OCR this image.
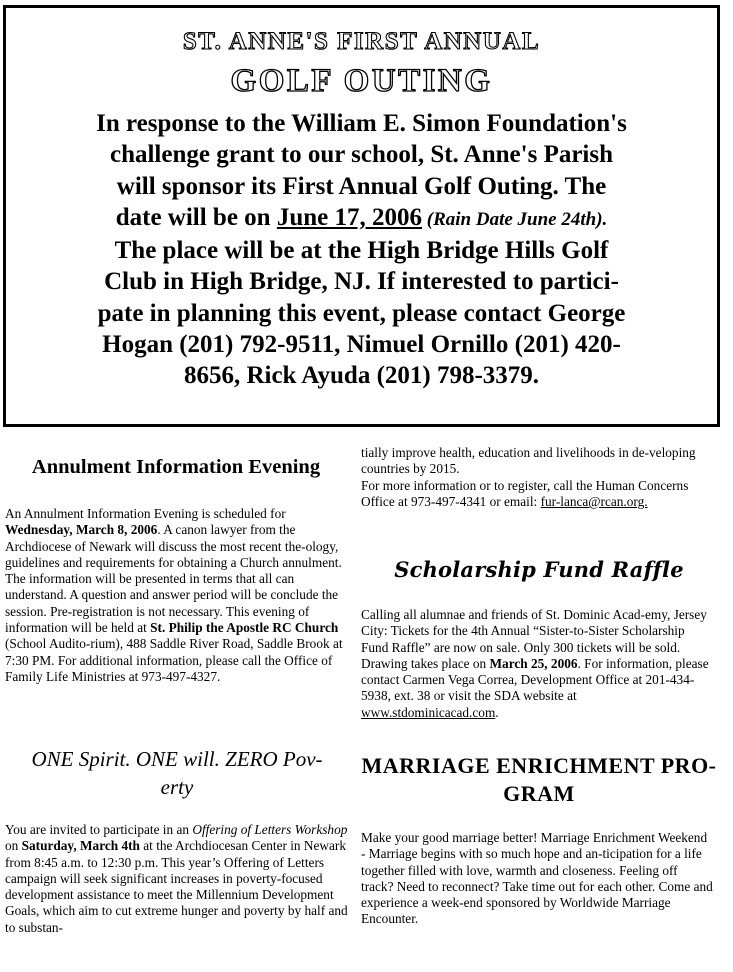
ST. ANNE'S FIRST ANNUAL
GOLF OUTING
In response to the William E. Simon Foundation's
challenge grant to our school, St. Anne's Parish
will sponsor its First Annual Golf Outing. The
date will be on June 17, 2006 (Rain Date June 24th).
The place will be at the High Bridge Hills Golf
Club in High Bridge, NJ. If interested to partici-
pate in planning this event, please contact George
Hogan (201) 792-9511, Nimuel Ornillo (201) 420-
8656, Rick Ayuda (201) 798-3379.
Annulment Information Evening

An Annulment Information Evening is scheduled for Wednesday, March 8, 2006. A canon lawyer from the Archdiocese of Newark will discuss the most recent the-ology, guidelines and requirements for obtaining a Church annulment. The information will be presented in terms that all can understand. A question and answer period will be conclude the session. Pre-registration is not necessary. This evening of information will be held at St. Philip the Apostle RC Church (School Audito-rium), 488 Saddle River Road, Saddle Brook at 7:30 PM. For additional information, please call the Office of Family Life Ministries at 973-497-4327.

ONE Spirit. ONE will. ZERO Pov-
erty

You are invited to participate in an Offering of Letters Workshop on Saturday, March 4th at the Archdiocesan Center in Newark from 8:45 a.m. to 12:30 p.m. This year’s Offering of Letters campaign will seek significant increases in poverty-focused development assistance to meet the Millennium Development Goals, which aim to cut extreme hunger and poverty by half and to substan-

tially improve health, education and livelihoods in de-veloping countries by 2015.

For more information or to register, call the Human Concerns Office at 973-497-4341 or email: fur-lanca@rcan.org.

Scholarship Fund Raffle

Calling all alumnae and friends of St. Dominic Acad-emy, Jersey City: Tickets for the 4th Annual “Sister-to-Sister Scholarship Fund Raffle” are now on sale. Only 300 tickets will be sold. Drawing takes place on March 25, 2006. For information, please contact Carmen Vega Correa, Development Office at 201-434-5938, ext. 38 or visit the SDA website at www.stdominicacad.com.

MARRIAGE ENRICHMENT PRO-
GRAM

Make your good marriage better! Marriage Enrichment Weekend - Marriage begins with so much hope and an-ticipation for a life together filled with love, warmth and closeness. Feeling off track? Need to reconnect? Take time out for each other. Come and experience a week-end sponsored by Worldwide Marriage Encounter.
